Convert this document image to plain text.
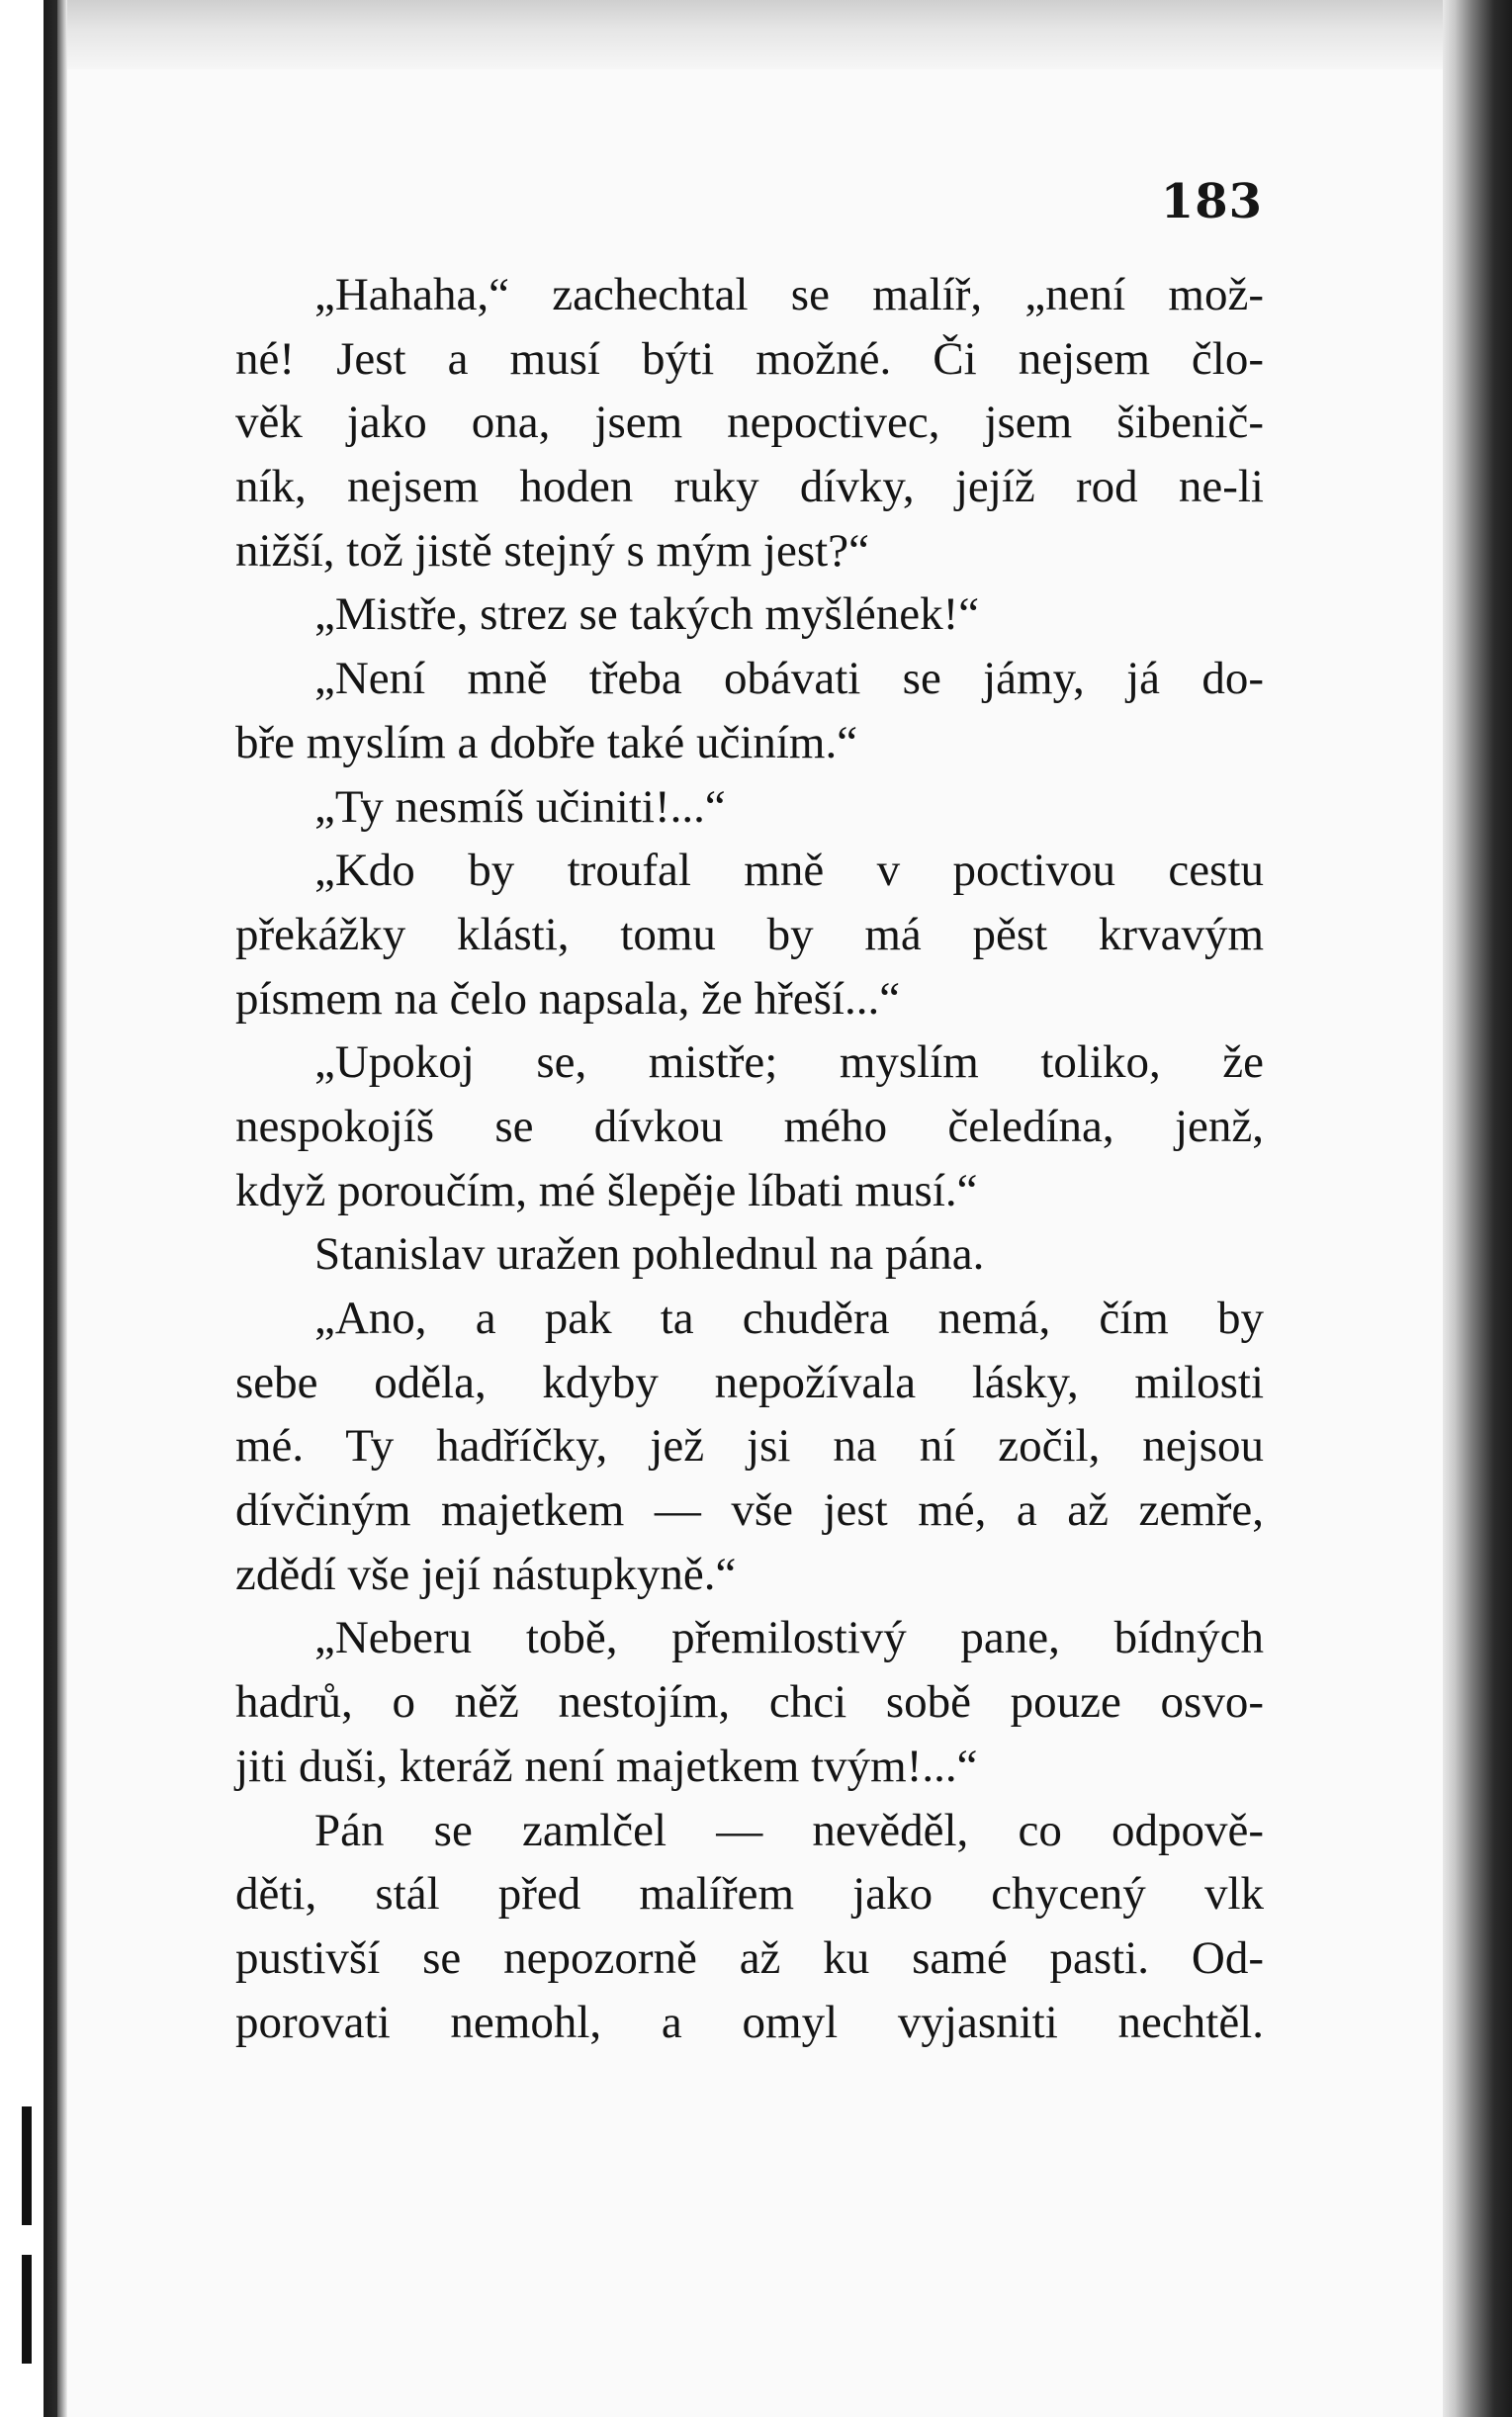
183
„Hahaha,“ zachechtal se malíř, „není mož-
né! Jest a musí býti možné. Či nejsem člo-
věk jako ona, jsem nepoctivec, jsem šibenič-
ník, nejsem hoden ruky dívky, jejíž rod ne-li
nižší, tož jistě stejný s mým jest?“
„Mistře, strez se takých myšlének!“
„Není mně třeba obávati se jámy, já do-
bře myslím a dobře také učiním.“
„Ty nesmíš učiniti!...“
„Kdo by troufal mně v poctivou cestu
překážky klásti, tomu by má pěst krvavým
písmem na čelo napsala, že hřeší...“
„Upokoj se, mistře; myslím toliko, že
nespokojíš se dívkou mého čeledína, jenž,
když poroučím, mé šlepěje líbati musí.“
Stanislav uražen pohlednul na pána.
„Ano, a pak ta chuděra nemá, čím by
sebe oděla, kdyby nepožívala lásky, milosti
mé. Ty hadříčky, jež jsi na ní zočil, nejsou
dívčiným majetkem — vše jest mé, a až zemře,
zdědí vše její nástupkyně.“
„Neberu tobě, přemilostivý pane, bídných
hadrů, o něž nestojím, chci sobě pouze osvo-
jiti duši, kteráž není majetkem tvým!...“
Pán se zamlčel — nevěděl, co odpově-
děti, stál před malířem jako chycený vlk
pustivší se nepozorně až ku samé pasti. Od-
porovati nemohl, a omyl vyjasniti nechtěl.
